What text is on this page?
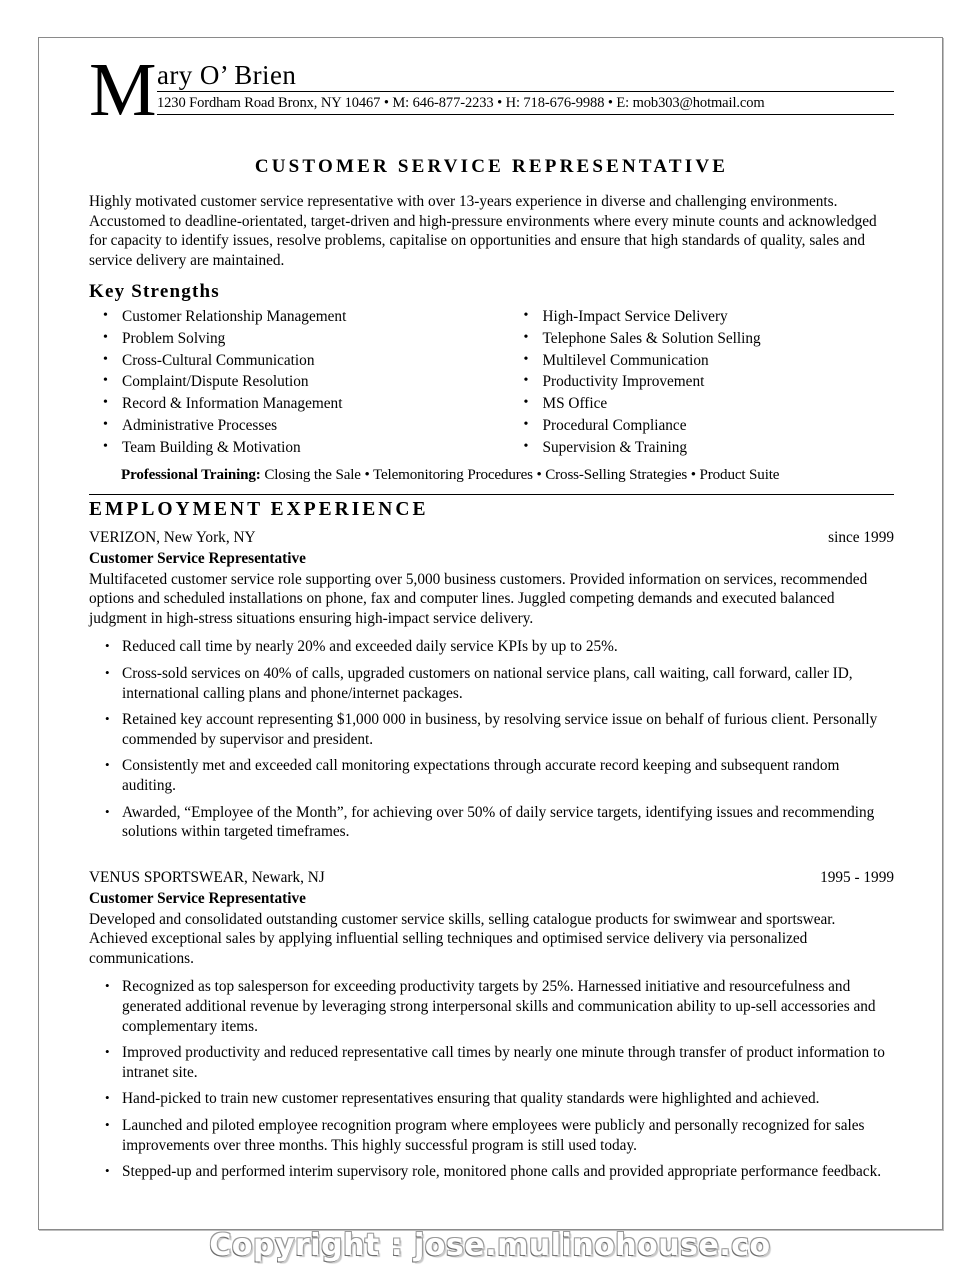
M ary O’ Brien
1230 Fordham Road Bronx, NY 10467 • M: 646-877-2233 • H: 718-676-9988 • E: mob303@hotmail.com
CUSTOMER SERVICE REPRESENTATIVE
Highly motivated customer service representative with over 13-years experience in diverse and challenging environments. Accustomed to deadline-orientated, target-driven and high-pressure environments where every minute counts and acknowledged for capacity to identify issues, resolve problems, capitalise on opportunities and ensure that high standards of quality, sales and service delivery are maintained.
Key Strengths
• Customer Relationship Management
• Problem Solving
• Cross-Cultural Communication
• Complaint/Dispute Resolution
• Record & Information Management
• Administrative Processes
• Team Building & Motivation
• High-Impact Service Delivery
• Telephone Sales & Solution Selling
• Multilevel Communication
• Productivity Improvement
• MS Office
• Procedural Compliance
• Supervision & Training
Professional Training: Closing the Sale • Telemonitoring Procedures • Cross-Selling Strategies • Product Suite
EMPLOYMENT EXPERIENCE
VERIZON, New York, NY	since 1999
Customer Service Representative
Multifaceted customer service role supporting over 5,000 business customers. Provided information on services, recommended options and scheduled installations on phone, fax and computer lines. Juggled competing demands and executed balanced judgment in high-stress situations ensuring high-impact service delivery.
• Reduced call time by nearly 20% and exceeded daily service KPIs by up to 25%.
• Cross-sold services on 40% of calls, upgraded customers on national service plans, call waiting, call forward, caller ID, international calling plans and phone/internet packages.
• Retained key account representing $1,000 000 in business, by resolving service issue on behalf of furious client. Personally commended by supervisor and president.
• Consistently met and exceeded call monitoring expectations through accurate record keeping and subsequent random auditing.
• Awarded, “Employee of the Month”, for achieving over 50% of daily service targets, identifying issues and recommending solutions within targeted timeframes.
VENUS SPORTSWEAR, Newark, NJ	1995 - 1999
Customer Service Representative
Developed and consolidated outstanding customer service skills, selling catalogue products for swimwear and sportswear. Achieved exceptional sales by applying influential selling techniques and optimised service delivery via personalized communications.
• Recognized as top salesperson for exceeding productivity targets by 25%. Harnessed initiative and resourcefulness and generated additional revenue by leveraging strong interpersonal skills and communication ability to up-sell accessories and complementary items.
• Improved productivity and reduced representative call times by nearly one minute through transfer of product information to intranet site.
• Hand-picked to train new customer representatives ensuring that quality standards were highlighted and achieved.
• Launched and piloted employee recognition program where employees were publicly and personally recognized for sales improvements over three months. This highly successful program is still used today.
• Stepped-up and performed interim supervisory role, monitored phone calls and provided appropriate performance feedback.
Copyright : jose.mulinohouse.co
